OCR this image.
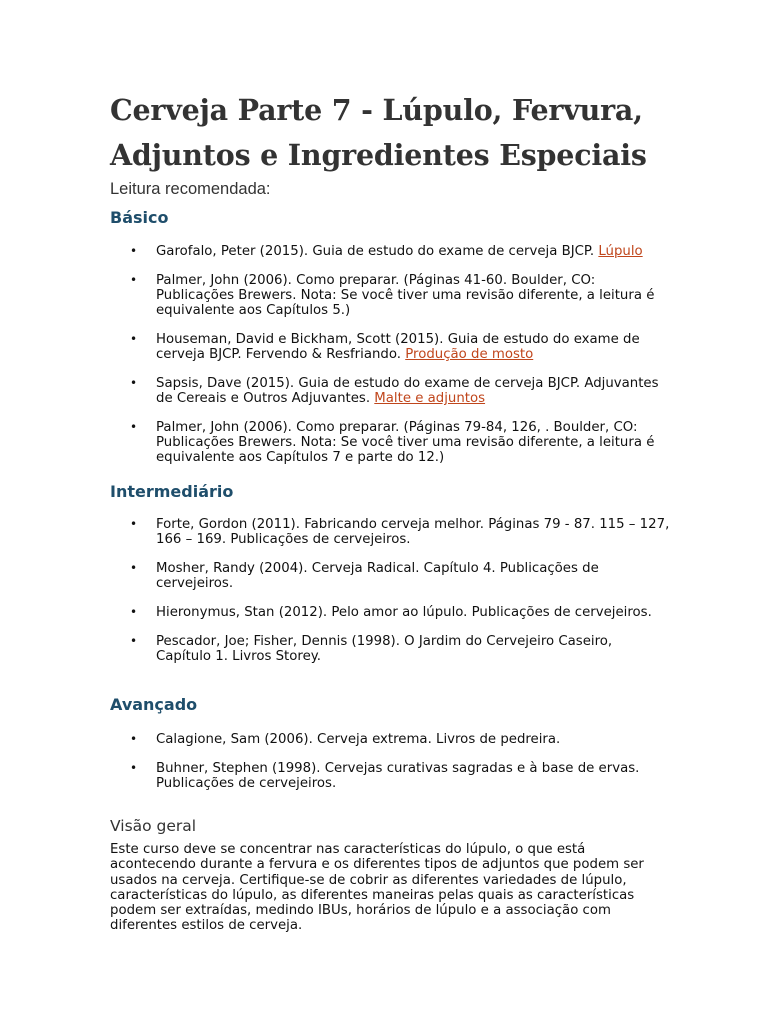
Cerveja Parte 7 - Lúpulo, Fervura, Adjuntos e Ingredientes Especiais
Leitura recomendada:
Básico
• Garofalo, Peter (2015). Guia de estudo do exame de cerveja BJCP. Lúpulo
• Palmer, John (2006). Como preparar. (Páginas 41-60. Boulder, CO: Publicações Brewers. Nota: Se você tiver uma revisão diferente, a leitura é equivalente aos Capítulos 5.)
• Houseman, David e Bickham, Scott (2015). Guia de estudo do exame de cerveja BJCP. Fervendo & Resfriando. Produção de mosto
• Sapsis, Dave (2015). Guia de estudo do exame de cerveja BJCP. Adjuvantes de Cereais e Outros Adjuvantes. Malte e adjuntos
• Palmer, John (2006). Como preparar. (Páginas 79-84, 126, . Boulder, CO: Publicações Brewers. Nota: Se você tiver uma revisão diferente, a leitura é equivalente aos Capítulos 7 e parte do 12.)
Intermediário
• Forte, Gordon (2011). Fabricando cerveja melhor. Páginas 79 - 87. 115 – 127, 166 – 169. Publicações de cervejeiros.
• Mosher, Randy (2004). Cerveja Radical. Capítulo 4. Publicações de cervejeiros.
• Hieronymus, Stan (2012). Pelo amor ao lúpulo. Publicações de cervejeiros.
• Pescador, Joe; Fisher, Dennis (1998). O Jardim do Cervejeiro Caseiro, Capítulo 1. Livros Storey.
Avançado
• Calagione, Sam (2006). Cerveja extrema. Livros de pedreira.
• Buhner, Stephen (1998). Cervejas curativas sagradas e à base de ervas. Publicações de cervejeiros.
Visão geral

Este curso deve se concentrar nas características do lúpulo, o que está acontecendo durante a fervura e os diferentes tipos de adjuntos que podem ser usados na cerveja. Certifique-se de cobrir as diferentes variedades de lúpulo, características do lúpulo, as diferentes maneiras pelas quais as características podem ser extraídas, medindo IBUs, horários de lúpulo e a associação com diferentes estilos de cerveja.
